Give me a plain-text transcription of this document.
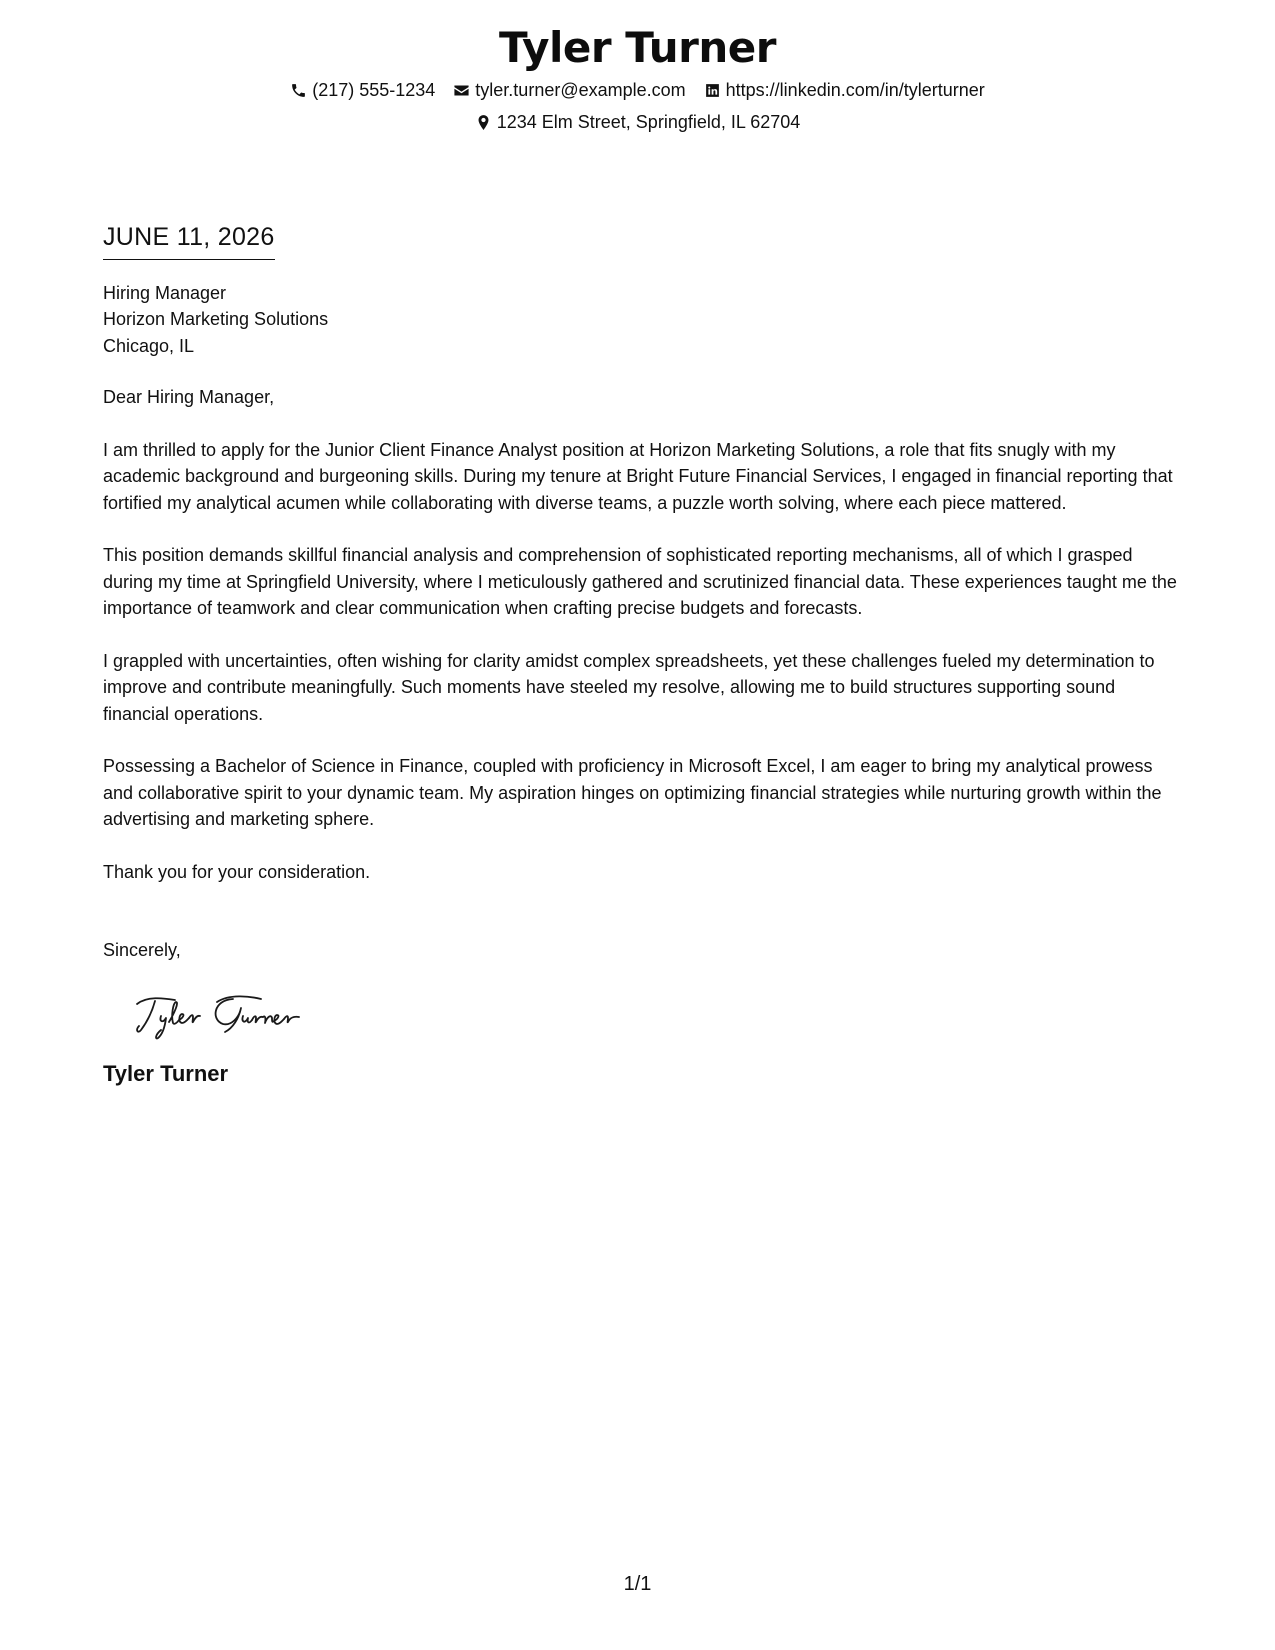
Tyler Turner
(217) 555-1234 tyler.turner@example.com https://linkedin.com/in/tylerturner
1234 Elm Street, Springfield, IL 62704
JUNE 11, 2026
Hiring Manager
Horizon Marketing Solutions
Chicago, IL

Dear Hiring Manager,

I am thrilled to apply for the Junior Client Finance Analyst position at Horizon Marketing Solutions, a role that fits snugly with my academic background and burgeoning skills. During my tenure at Bright Future Financial Services, I engaged in financial reporting that fortified my analytical acumen while collaborating with diverse teams, a puzzle worth solving, where each piece mattered.

This position demands skillful financial analysis and comprehension of sophisticated reporting mechanisms, all of which I grasped during my time at Springfield University, where I meticulously gathered and scrutinized financial data. These experiences taught me the importance of teamwork and clear communication when crafting precise budgets and forecasts.

I grappled with uncertainties, often wishing for clarity amidst complex spreadsheets, yet these challenges fueled my determination to improve and contribute meaningfully. Such moments have steeled my resolve, allowing me to build structures supporting sound financial operations.

Possessing a Bachelor of Science in Finance, coupled with proficiency in Microsoft Excel, I am eager to bring my analytical prowess and collaborative spirit to your dynamic team. My aspiration hinges on optimizing financial strategies while nurturing growth within the advertising and marketing sphere.

Thank you for your consideration.

Sincerely,

Tyler Turner
1/1
